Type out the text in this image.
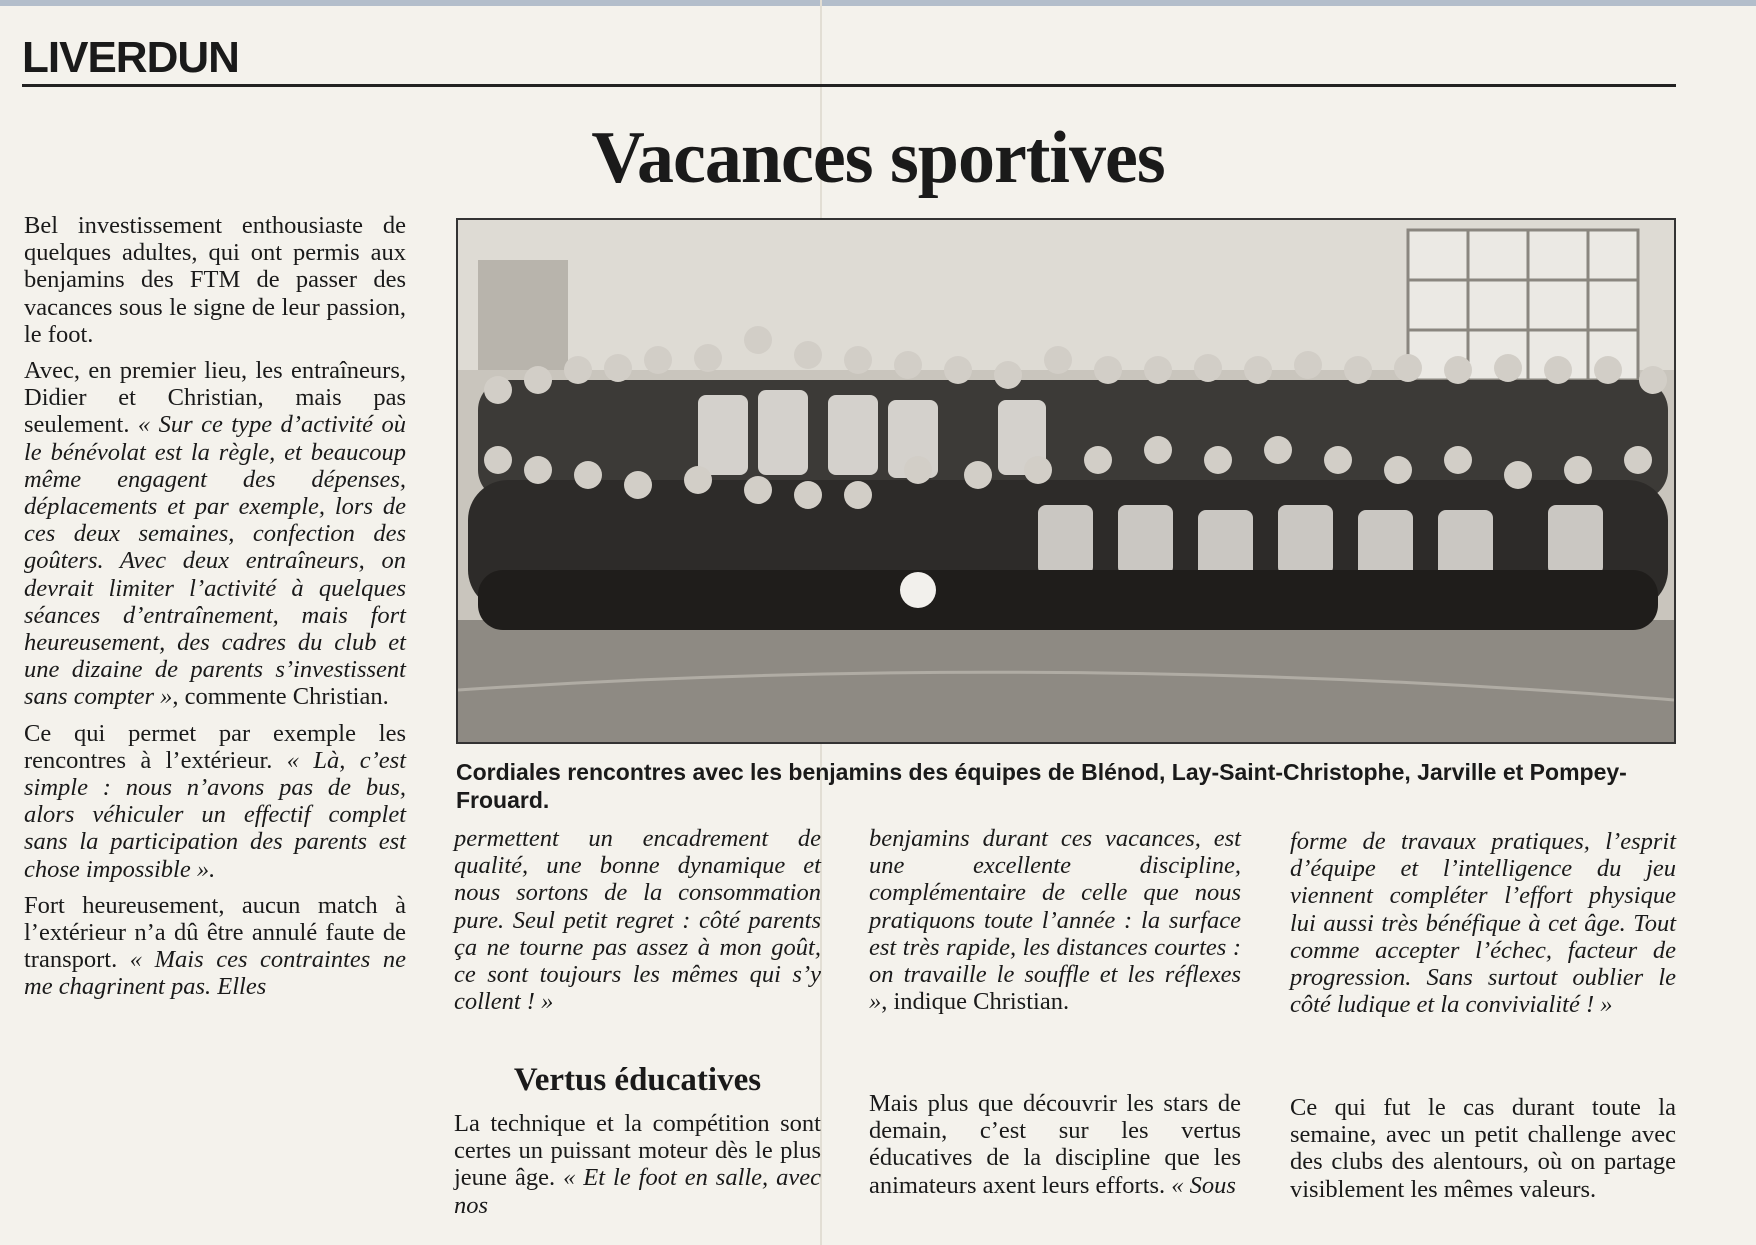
LIVERDUN
Vacances sportives

Bel investissement enthousiaste de quelques adultes, qui ont permis aux benjamins des FTM de passer des vacances sous le signe de leur passion, le foot.

Avec, en premier lieu, les entraîneurs, Didier et Christian, mais pas seulement. « Sur ce type d’activité où le bénévolat est la règle, et beaucoup même engagent des dépenses, déplacements et par exemple, lors de ces deux semaines, confection des goûters. Avec deux entraîneurs, on devrait limiter l’activité à quelques séances d’entraînement, mais fort heureusement, des cadres du club et une dizaine de parents s’investissent sans compter », commente Christian.

Ce qui permet par exemple les rencontres à l’extérieur. « Là, c’est simple : nous n’avons pas de bus, alors véhiculer un effectif complet sans la participation des parents est chose impossible ».

Fort heureusement, aucun match à l’extérieur n’a dû être annulé faute de transport. « Mais ces contraintes ne me chagrinent pas. Elles

Cordiales rencontres avec les benjamins des équipes de Blénod, Lay-Saint-Christophe, Jarville et Pompey-Frouard.

permettent un encadrement de qualité, une bonne dynamique et nous sortons de la consommation pure. Seul petit regret : côté parents ça ne tourne pas assez à mon goût, ce sont toujours les mêmes qui s’y collent ! »

Vertus éducatives

La technique et la compétition sont certes un puissant moteur dès le plus jeune âge. « Et le foot en salle, avec nos

benjamins durant ces vacances, est une excellente discipline, complémentaire de celle que nous pratiquons toute l’année : la surface est très rapide, les distances courtes : on travaille le souffle et les réflexes », indique Christian.

Mais plus que découvrir les stars de demain, c’est sur les vertus éducatives de la discipline que les animateurs axent leurs efforts. « Sous

forme de travaux pratiques, l’esprit d’équipe et l’intelligence du jeu viennent compléter l’effort physique lui aussi très bénéfique à cet âge. Tout comme accepter l’échec, facteur de progression. Sans surtout oublier le côté ludique et la convivialité ! »

Ce qui fut le cas durant toute la semaine, avec un petit challenge avec des clubs des alentours, où on partage visiblement les mêmes valeurs.
